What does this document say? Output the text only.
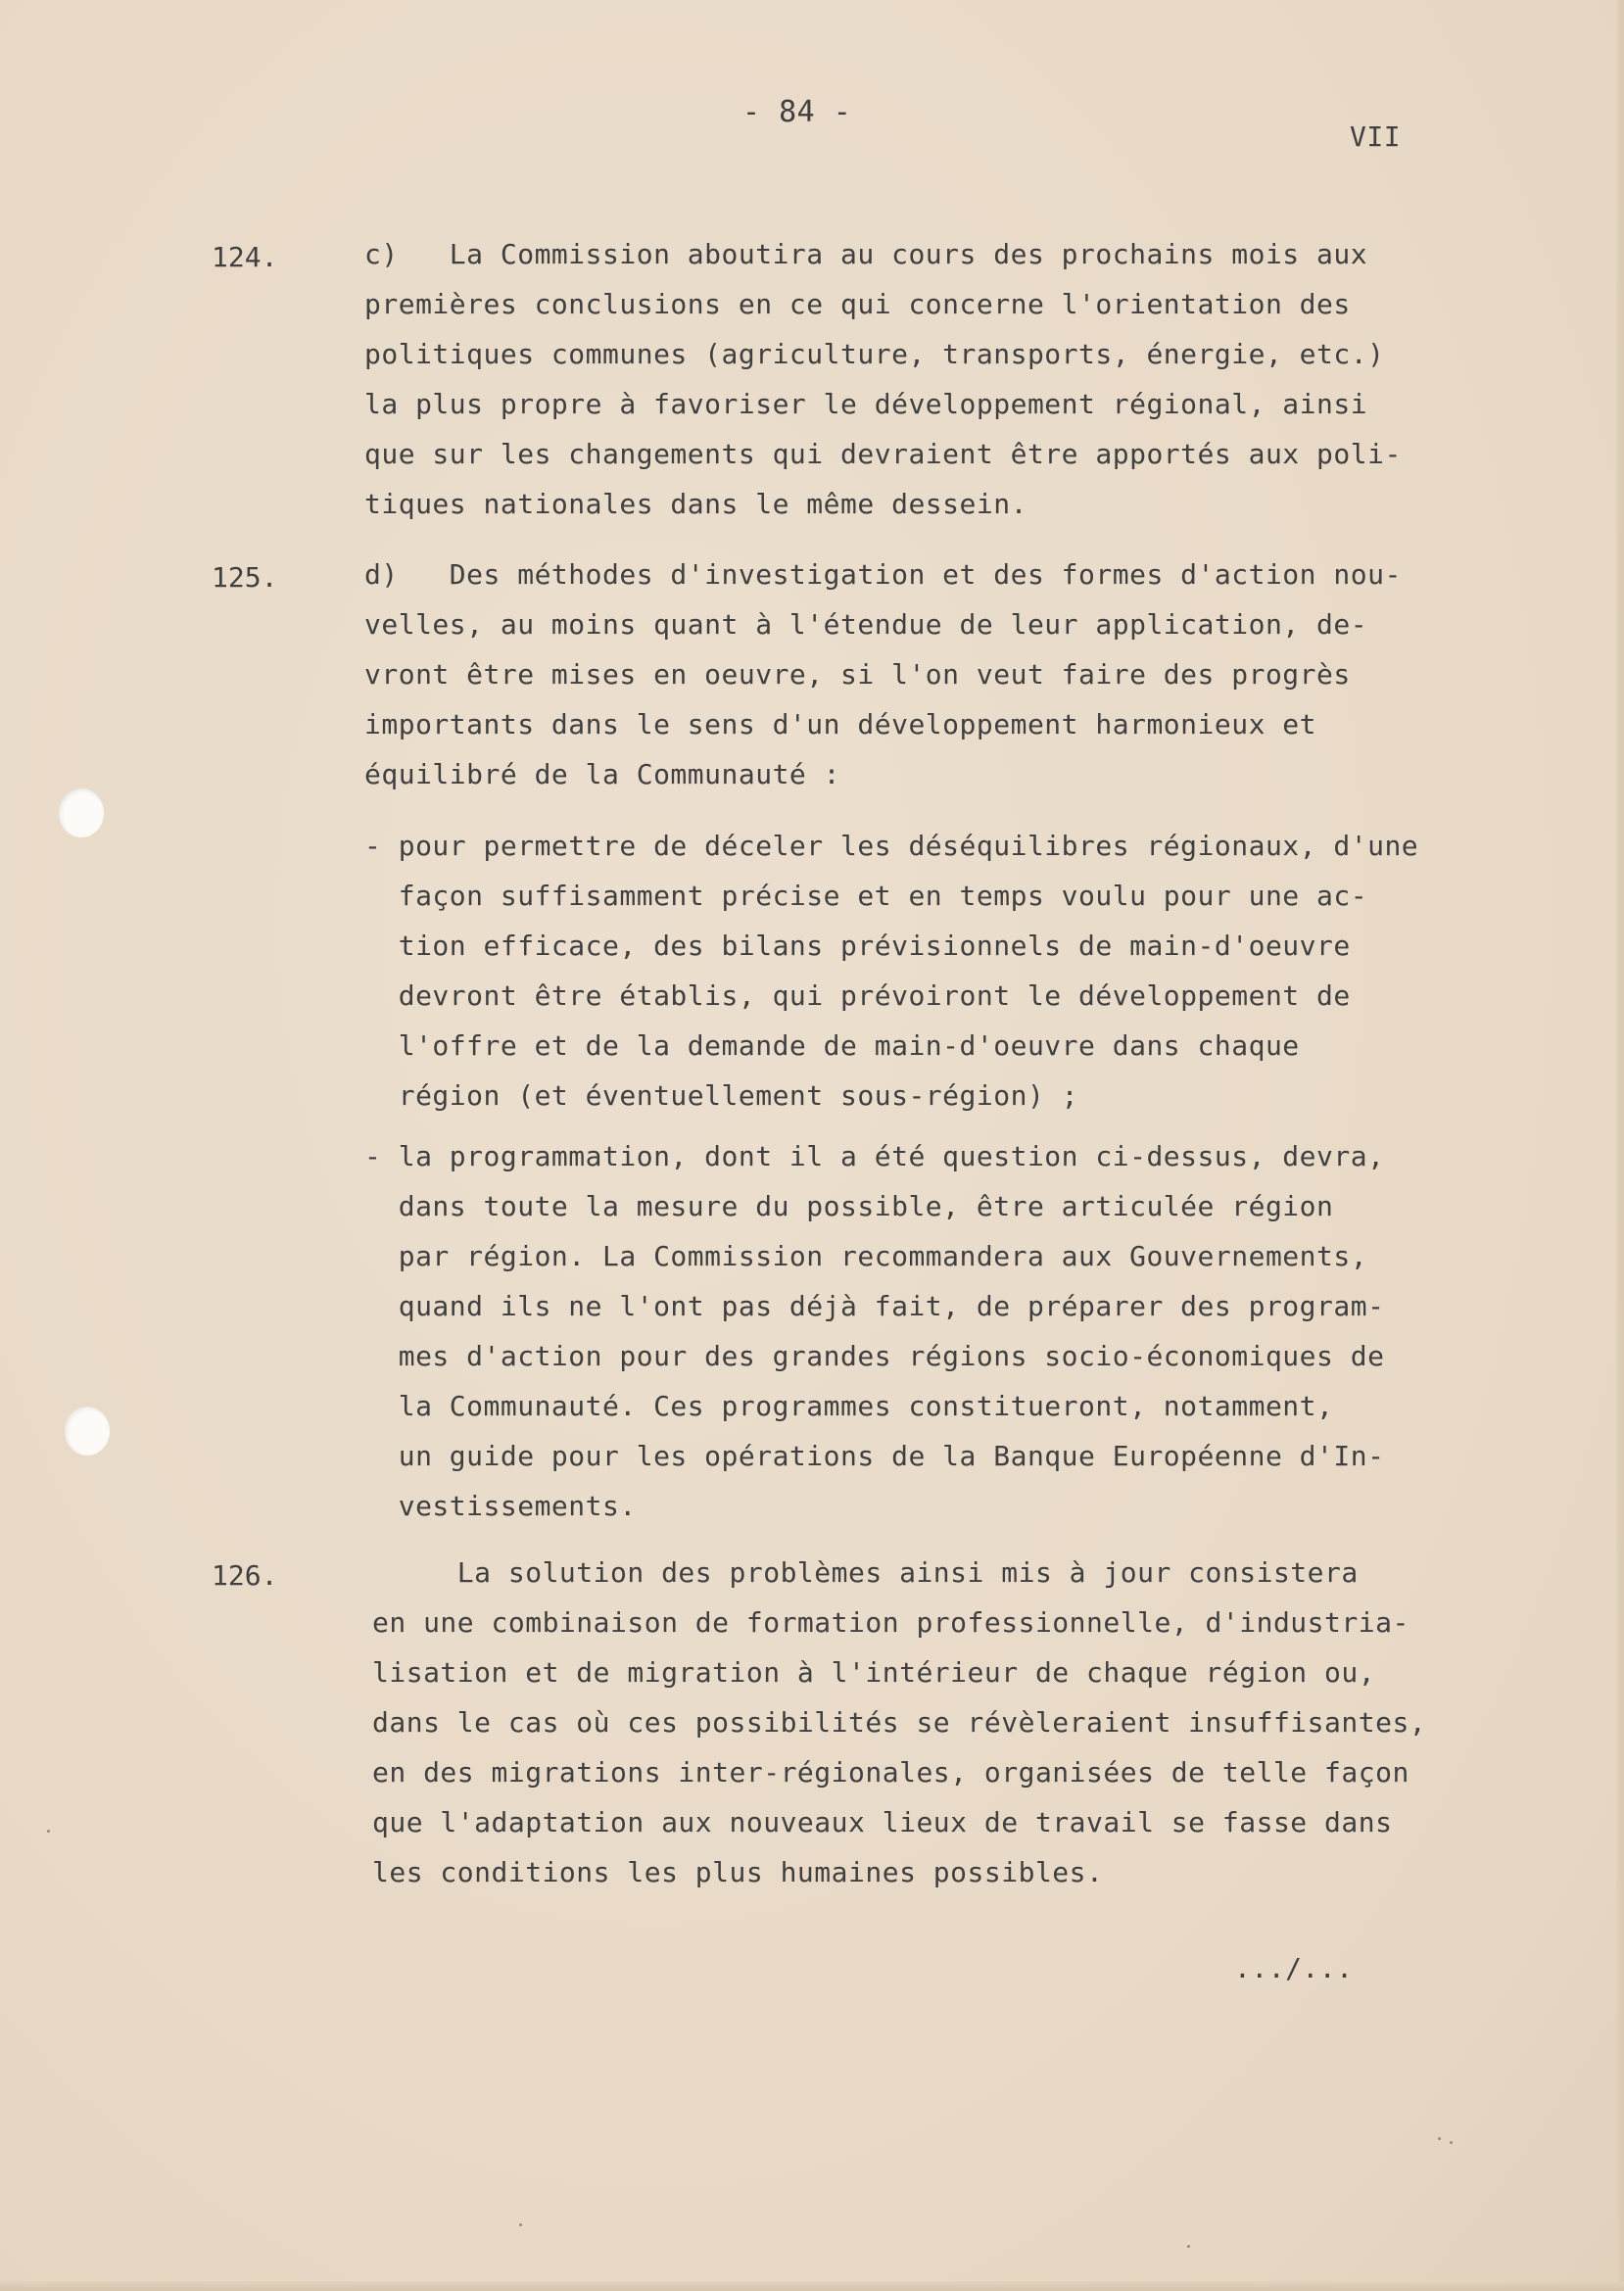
- 84 -
VII
124.	c)   La Commission aboutira au cours des prochains mois aux
premières conclusions en ce qui concerne l'orientation des
politiques communes (agriculture, transports, énergie, etc.)
la plus propre à favoriser le développement régional, ainsi
que sur les changements qui devraient être apportés aux poli-
tiques nationales dans le même dessein.
125.	d)   Des méthodes d'investigation et des formes d'action nou-
velles, au moins quant à l'étendue de leur application, de-
vront être mises en oeuvre, si l'on veut faire des progrès
importants dans le sens d'un développement harmonieux et
équilibré de la Communauté :
- pour permettre de déceler les déséquilibres régionaux, d'une
façon suffisamment précise et en temps voulu pour une ac-
tion efficace, des bilans prévisionnels de main-d'oeuvre
devront être établis, qui prévoiront le développement de
l'offre et de la demande de main-d'oeuvre dans chaque
région (et éventuellement sous-région) ;
- la programmation, dont il a été question ci-dessus, devra,
dans toute la mesure du possible, être articulée région
par région. La Commission recommandera aux Gouvernements,
quand ils ne l'ont pas déjà fait, de préparer des program-
mes d'action pour des grandes régions socio-économiques de
la Communauté. Ces programmes constitueront, notamment,
un guide pour les opérations de la Banque Européenne d'In-
vestissements.
126.	La solution des problèmes ainsi mis à jour consistera
en une combinaison de formation professionnelle, d'industria-
lisation et de migration à l'intérieur de chaque région ou,
dans le cas où ces possibilités se révèleraient insuffisantes,
en des migrations inter-régionales, organisées de telle façon
que l'adaptation aux nouveaux lieux de travail se fasse dans
les conditions les plus humaines possibles.
.../...
